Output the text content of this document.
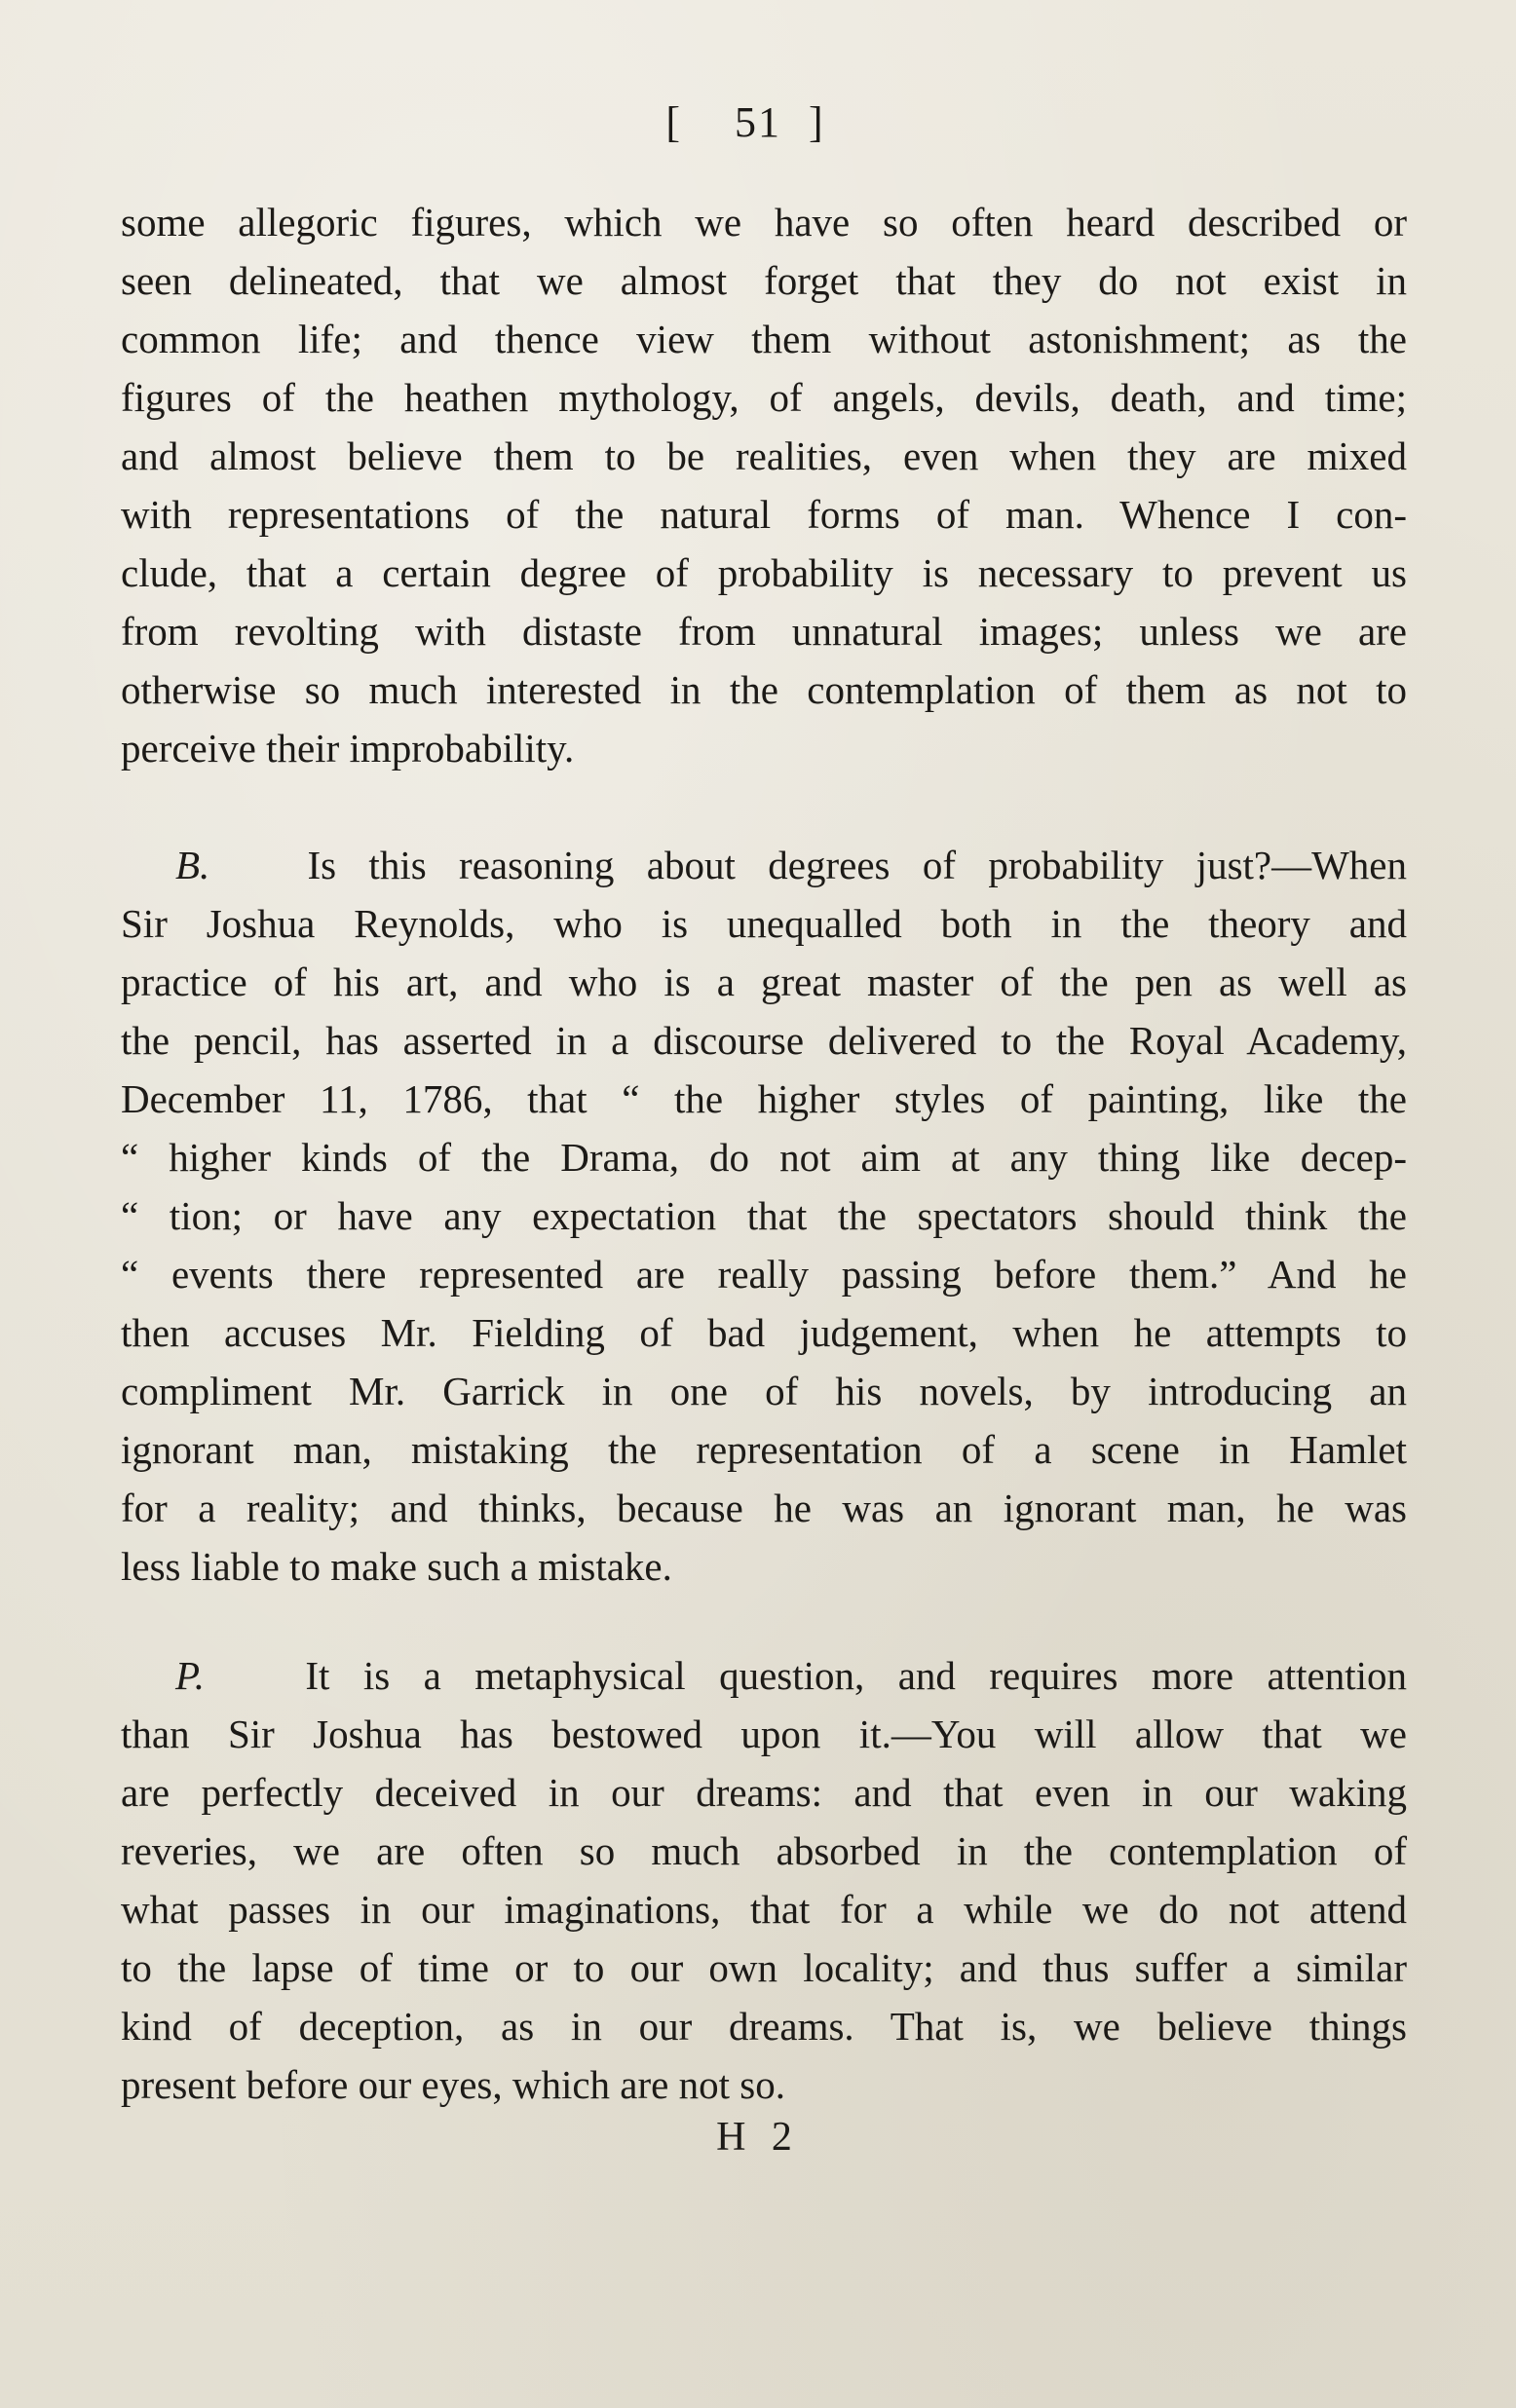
[ 51 ]
some allegoric figures, which we have so often heard described or
seen delineated, that we almost forget that they do not exist in
common life; and thence view them without astonishment; as the
figures of the heathen mythology, of angels, devils, death, and time;
and almost believe them to be realities, even when they are mixed
with representations of the natural forms of man. Whence I con-
clude, that a certain degree of probability is necessary to prevent us
from revolting with distaste from unnatural images; unless we are
otherwise so much interested in the contemplation of them as not to
perceive their improbability.
B. Is this reasoning about degrees of probability just?—When
Sir Joshua Reynolds, who is unequalled both in the theory and
practice of his art, and who is a great master of the pen as well as
the pencil, has asserted in a discourse delivered to the Royal Academy,
December 11, 1786, that “ the higher styles of painting, like the
“ higher kinds of the Drama, do not aim at any thing like decep-
“ tion; or have any expectation that the spectators should think the
“ events there represented are really passing before them.” And he
then accuses Mr. Fielding of bad judgement, when he attempts to
compliment Mr. Garrick in one of his novels, by introducing an
ignorant man, mistaking the representation of a scene in Hamlet
for a reality; and thinks, because he was an ignorant man, he was
less liable to make such a mistake.
P.	It is a metaphysical question, and requires more attention
than Sir Joshua has bestowed upon it.—You will allow that we
are perfectly deceived in our dreams: and that even in our waking
reveries, we are often so much absorbed in the contemplation of
what passes in our imaginations, that for a while we do not attend
to the lapse of time or to our own locality; and thus suffer a similar
kind of deception, as in our dreams. That is, we believe things
present before our eyes, which are not so.
H 2
